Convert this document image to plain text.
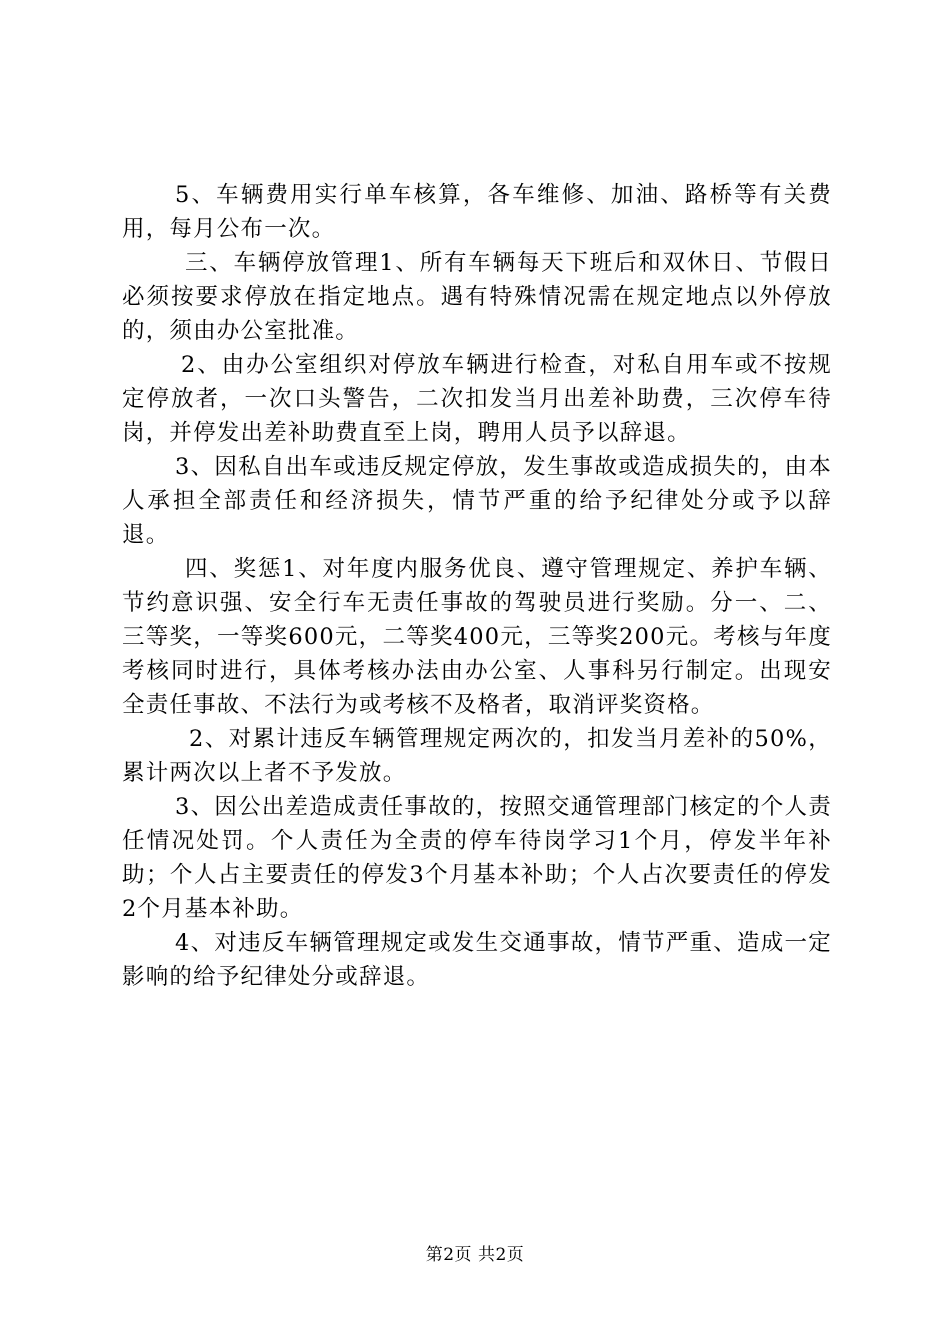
5、车辆费用实行单车核算，各车维修、加油、路桥等有关费用，每月公布一次。

三、车辆停放管理1、所有车辆每天下班后和双休日、节假日必须按要求停放在指定地点。遇有特殊情况需在规定地点以外停放的，须由办公室批准。

2、由办公室组织对停放车辆进行检查，对私自用车或不按规定停放者，一次口头警告，二次扣发当月出差补助费，三次停车待岗，并停发出差补助费直至上岗，聘用人员予以辞退。

3、因私自出车或违反规定停放，发生事故或造成损失的，由本人承担全部责任和经济损失，情节严重的给予纪律处分或予以辞退。

四、奖惩1、对年度内服务优良、遵守管理规定、养护车辆、节约意识强、安全行车无责任事故的驾驶员进行奖励。分一、二、三等奖，一等奖600元，二等奖400元，三等奖200元。考核与年度考核同时进行，具体考核办法由办公室、人事科另行制定。出现安全责任事故、不法行为或考核不及格者，取消评奖资格。

2、对累计违反车辆管理规定两次的，扣发当月差补的50%，累计两次以上者不予发放。

3、因公出差造成责任事故的，按照交通管理部门核定的个人责任情况处罚。个人责任为全责的停车待岗学习1个月，停发半年补助；个人占主要责任的停发3个月基本补助；个人占次要责任的停发2个月基本补助。

4、对违反车辆管理规定或发生交通事故，情节严重、造成一定影响的给予纪律处分或辞退。

第2页 共2页
